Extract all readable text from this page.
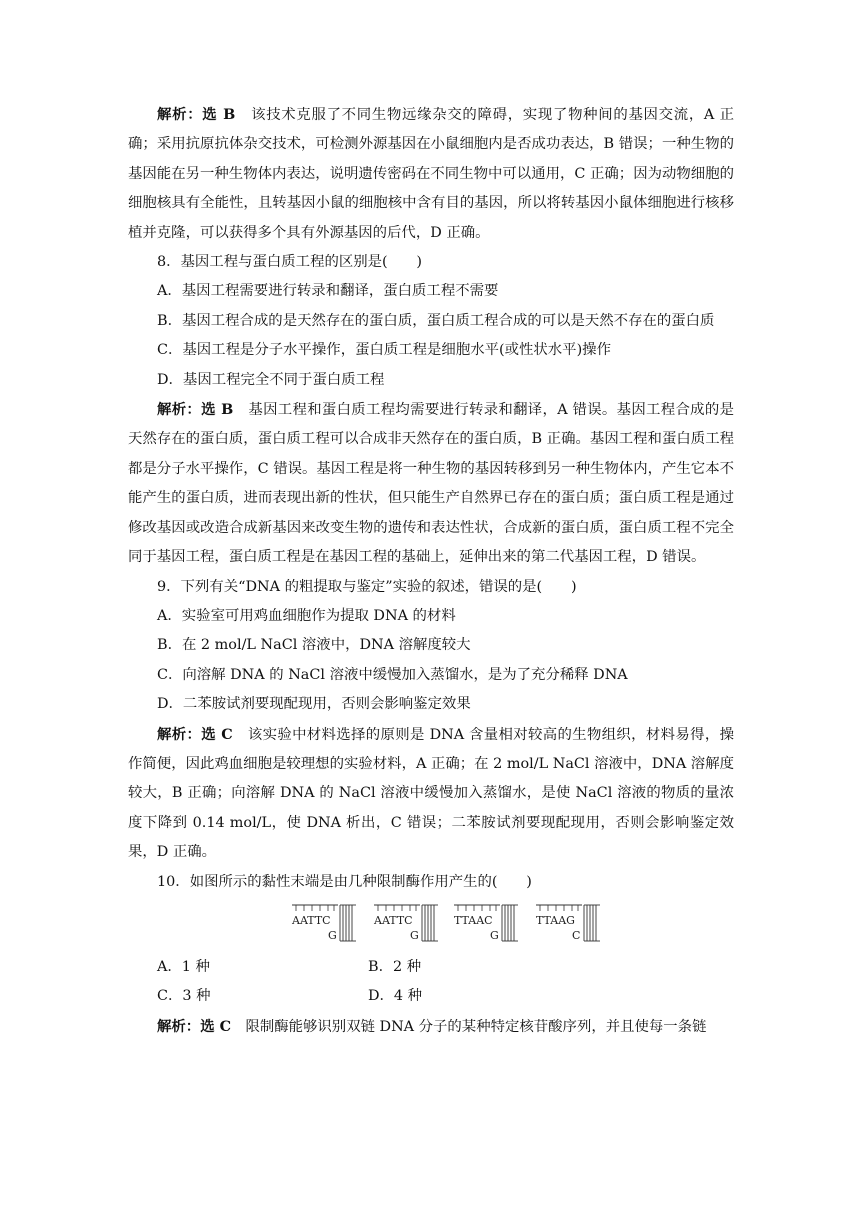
解析：选 B　 该技术克服了不同生物远缘杂交的障碍，实现了物种间的基因交流，A 正确；采用抗原抗体杂交技术，可检测外源基因在小鼠细胞内是否成功表达，B 错误；一种生物的基因能在另一种生物体内表达，说明遗传密码在不同生物中可以通用，C 正确；因为动物细胞的细胞核具有全能性，且转基因小鼠的细胞核中含有目的基因，所以将转基因小鼠体细胞进行核移植并克隆，可以获得多个具有外源基因的后代，D 正确。

8．基因工程与蛋白质工程的区别是(　　)

A．基因工程需要进行转录和翻译，蛋白质工程不需要

B．基因工程合成的是天然存在的蛋白质，蛋白质工程合成的可以是天然不存在的蛋白质

C．基因工程是分子水平操作，蛋白质工程是细胞水平(或性状水平)操作

D．基因工程完全不同于蛋白质工程

解析：选 B　 基因工程和蛋白质工程均需要进行转录和翻译，A 错误。基因工程合成的是天然存在的蛋白质，蛋白质工程可以合成非天然存在的蛋白质，B 正确。基因工程和蛋白质工程都是分子水平操作，C 错误。基因工程是将一种生物的基因转移到另一种生物体内，产生它本不能产生的蛋白质，进而表现出新的性状，但只能生产自然界已存在的蛋白质；蛋白质工程是通过修改基因或改造合成新基因来改变生物的遗传和表达性状，合成新的蛋白质，蛋白质工程不完全同于基因工程，蛋白质工程是在基因工程的基础上，延伸出来的第二代基因工程，D 错误。

9．下列有关“DNA 的粗提取与鉴定”实验的叙述，错误的是(　　)

A．实验室可用鸡血细胞作为提取 DNA 的材料

B．在 2 mol/L NaCl 溶液中，DNA 溶解度较大

C．向溶解 DNA 的 NaCl 溶液中缓慢加入蒸馏水，是为了充分稀释 DNA

D．二苯胺试剂要现配现用，否则会影响鉴定效果

解析：选 C　 该实验中材料选择的原则是 DNA 含量相对较高的生物组织，材料易得，操作简便，因此鸡血细胞是较理想的实验材料，A 正确；在 2 mol/L NaCl 溶液中，DNA 溶解度较大，B 正确；向溶解 DNA 的 NaCl 溶液中缓慢加入蒸馏水，是使 NaCl 溶液的物质的量浓度下降到 0.14 mol/L，使 DNA 析出，C 错误；二苯胺试剂要现配现用，否则会影响鉴定效果，D 正确。

10．如图所示的黏性末端是由几种限制酶作用产生的(　　)

AATTC
G
AATTC
G
TTAAC
G
TTAAG
C
A．1 种	B．2 种
C．3 种	D．4 种

解析：选 C　 限制酶能够识别双链 DNA 分子的某种特定核苷酸序列，并且使每一条链
